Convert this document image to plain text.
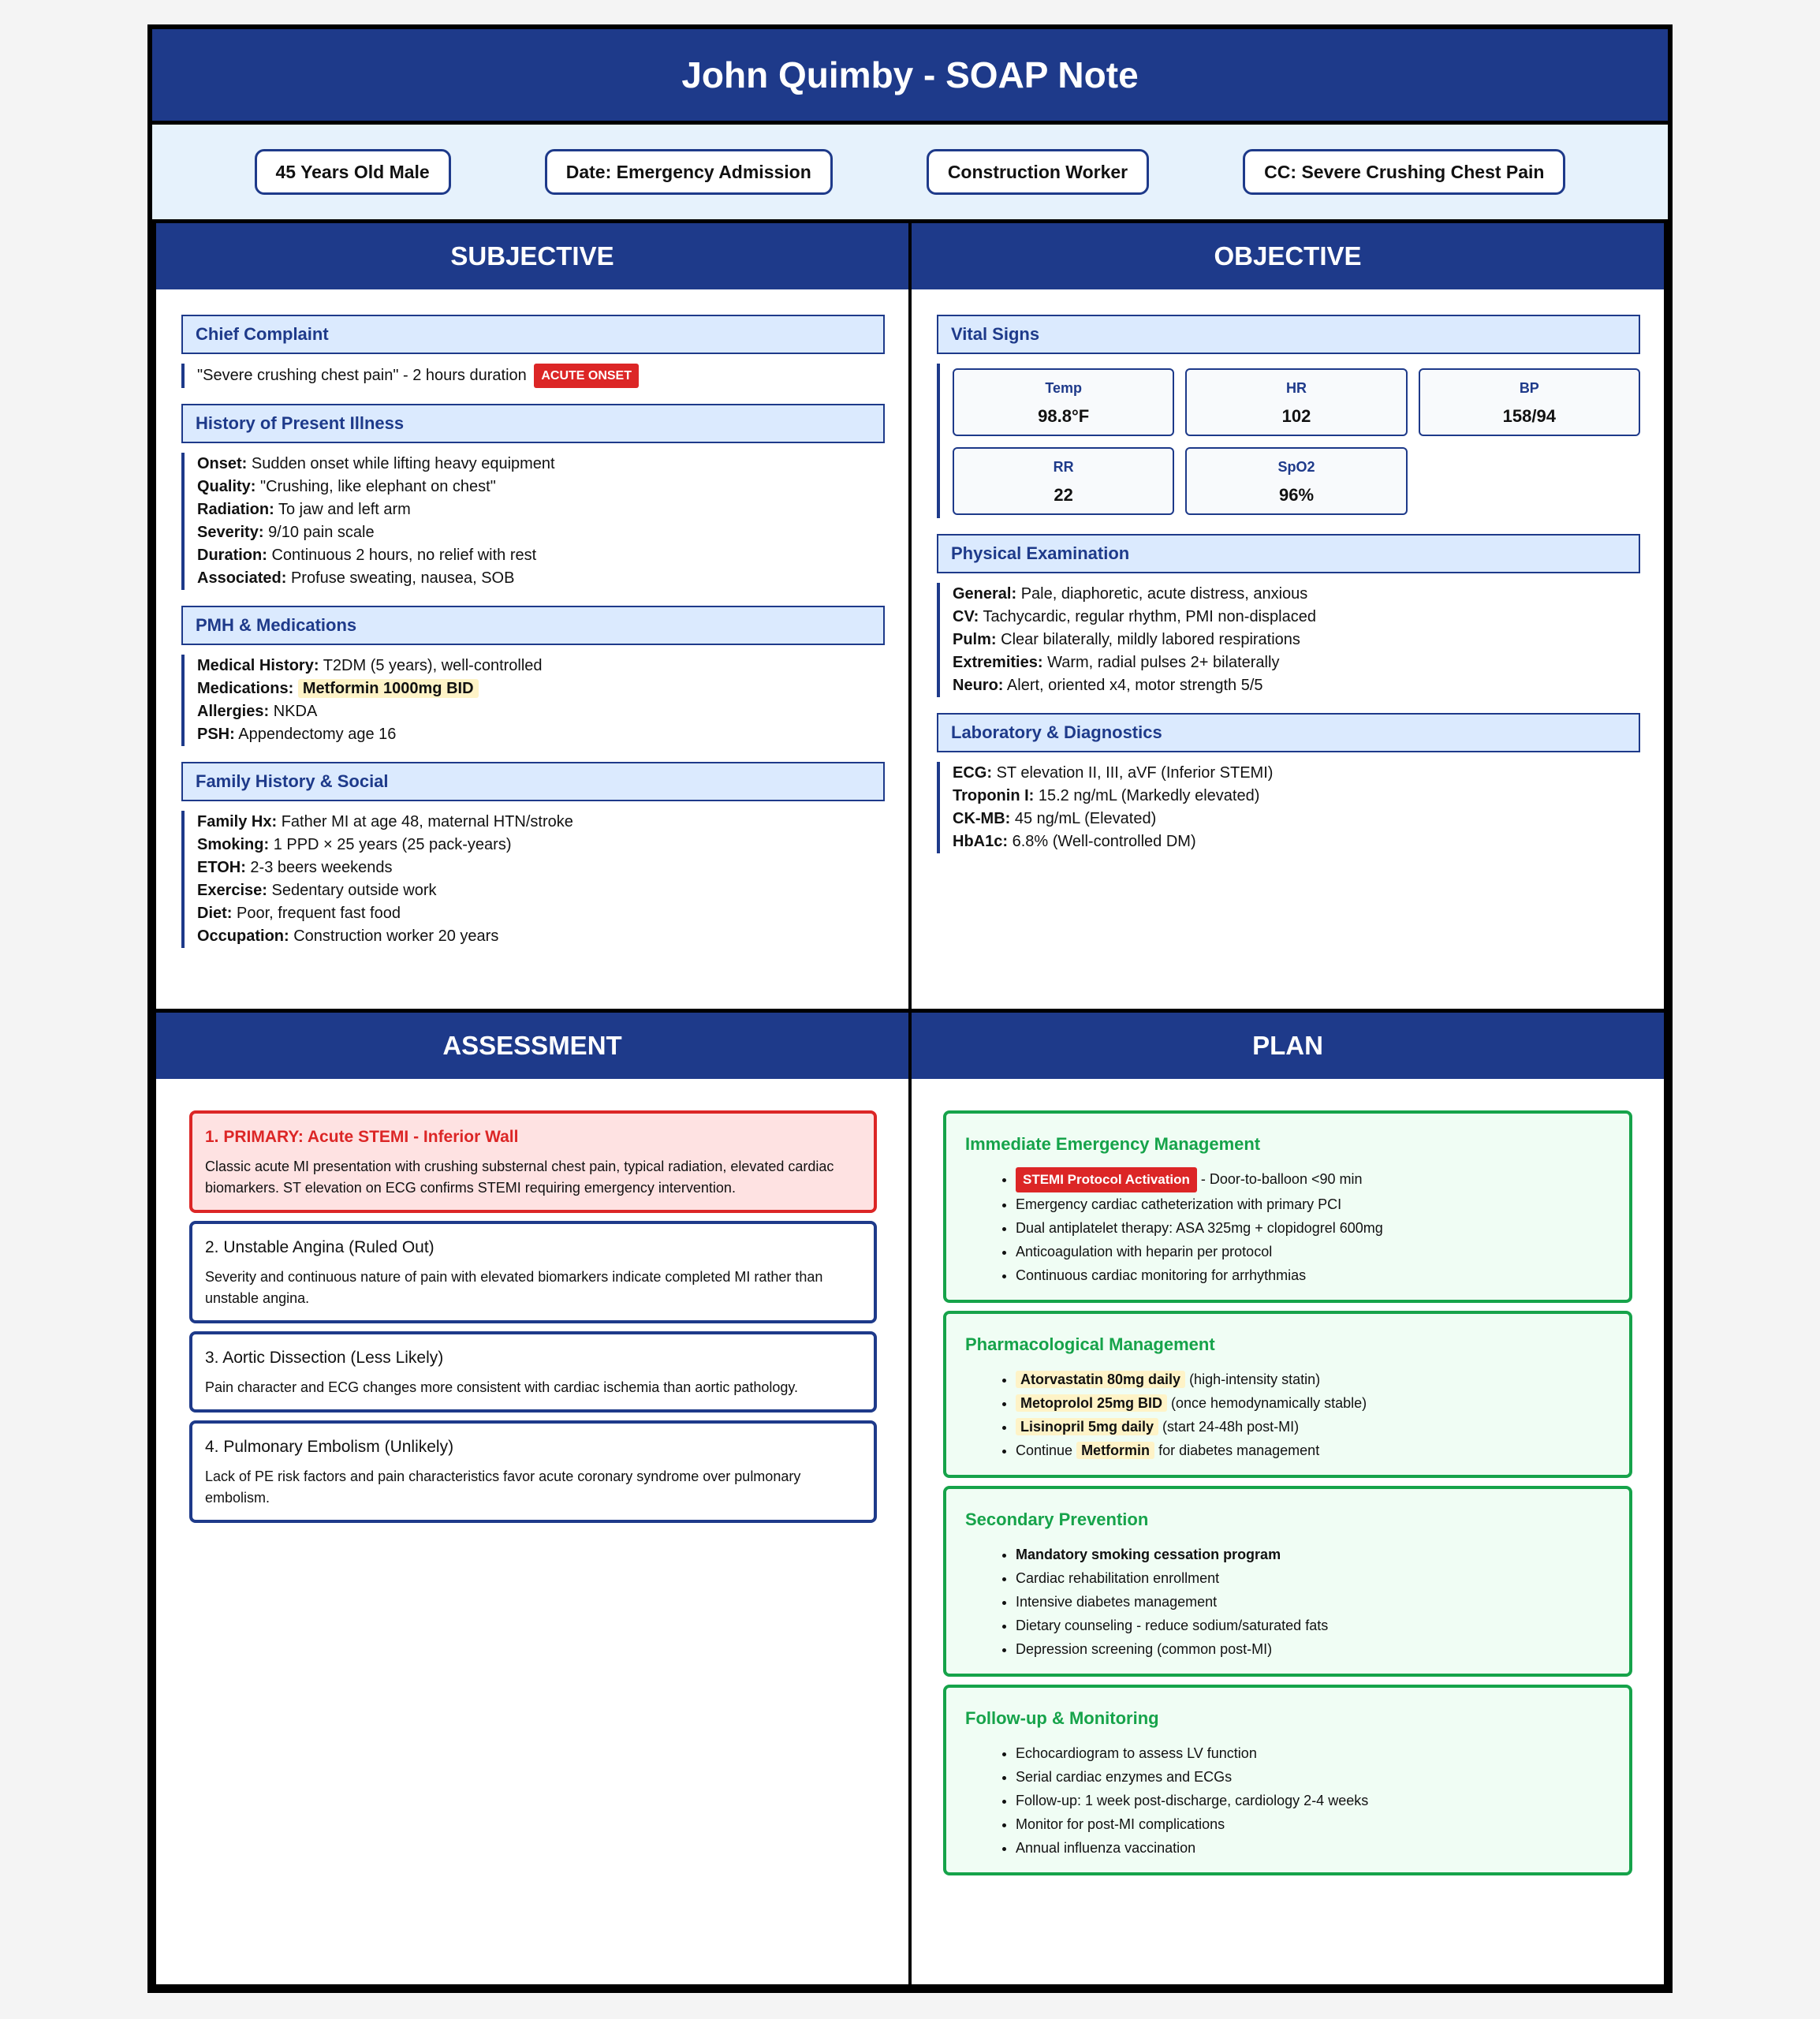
John Quimby - SOAP Note
45 Years Old Male	Date: Emergency Admission	Construction Worker	CC: Severe Crushing Chest Pain
SUBJECTIVE
Chief Complaint
"Severe crushing chest pain" - 2 hours duration ACUTE ONSET
History of Present Illness
Onset: Sudden onset while lifting heavy equipment
Quality: "Crushing, like elephant on chest"
Radiation: To jaw and left arm
Severity: 9/10 pain scale
Duration: Continuous 2 hours, no relief with rest
Associated: Profuse sweating, nausea, SOB
PMH & Medications
Medical History: T2DM (5 years), well-controlled
Medications: Metformin 1000mg BID
Allergies: NKDA
PSH: Appendectomy age 16
Family History & Social
Family Hx: Father MI at age 48, maternal HTN/stroke
Smoking: 1 PPD × 25 years (25 pack-years)
ETOH: 2-3 beers weekends
Exercise: Sedentary outside work
Diet: Poor, frequent fast food
Occupation: Construction worker 20 years
OBJECTIVE
Vital Signs
Temp
98.8°F
HR
102
BP
158/94
RR
22
SpO2
96%
Physical Examination
General: Pale, diaphoretic, acute distress, anxious
CV: Tachycardic, regular rhythm, PMI non-displaced
Pulm: Clear bilaterally, mildly labored respirations
Extremities: Warm, radial pulses 2+ bilaterally
Neuro: Alert, oriented x4, motor strength 5/5
Laboratory & Diagnostics
ECG: ST elevation II, III, aVF (Inferior STEMI)
Troponin I: 15.2 ng/mL (Markedly elevated)
CK-MB: 45 ng/mL (Elevated)
HbA1c: 6.8% (Well-controlled DM)
ASSESSMENT
1. PRIMARY: Acute STEMI - Inferior Wall
Classic acute MI presentation with crushing substernal chest pain, typical radiation, elevated cardiac biomarkers. ST elevation on ECG confirms STEMI requiring emergency intervention.
2. Unstable Angina (Ruled Out)
Severity and continuous nature of pain with elevated biomarkers indicate completed MI rather than unstable angina.
3. Aortic Dissection (Less Likely)
Pain character and ECG changes more consistent with cardiac ischemia than aortic pathology.
4. Pulmonary Embolism (Unlikely)
Lack of PE risk factors and pain characteristics favor acute coronary syndrome over pulmonary embolism.
PLAN
Immediate Emergency Management
• STEMI Protocol Activation - Door-to-balloon <90 min
• Emergency cardiac catheterization with primary PCI
• Dual antiplatelet therapy: ASA 325mg + clopidogrel 600mg
• Anticoagulation with heparin per protocol
• Continuous cardiac monitoring for arrhythmias
Pharmacological Management
• Atorvastatin 80mg daily (high-intensity statin)
• Metoprolol 25mg BID (once hemodynamically stable)
• Lisinopril 5mg daily (start 24-48h post-MI)
• Continue Metformin for diabetes management
Secondary Prevention
• Mandatory smoking cessation program
• Cardiac rehabilitation enrollment
• Intensive diabetes management
• Dietary counseling - reduce sodium/saturated fats
• Depression screening (common post-MI)
Follow-up & Monitoring
• Echocardiogram to assess LV function
• Serial cardiac enzymes and ECGs
• Follow-up: 1 week post-discharge, cardiology 2-4 weeks
• Monitor for post-MI complications
• Annual influenza vaccination
